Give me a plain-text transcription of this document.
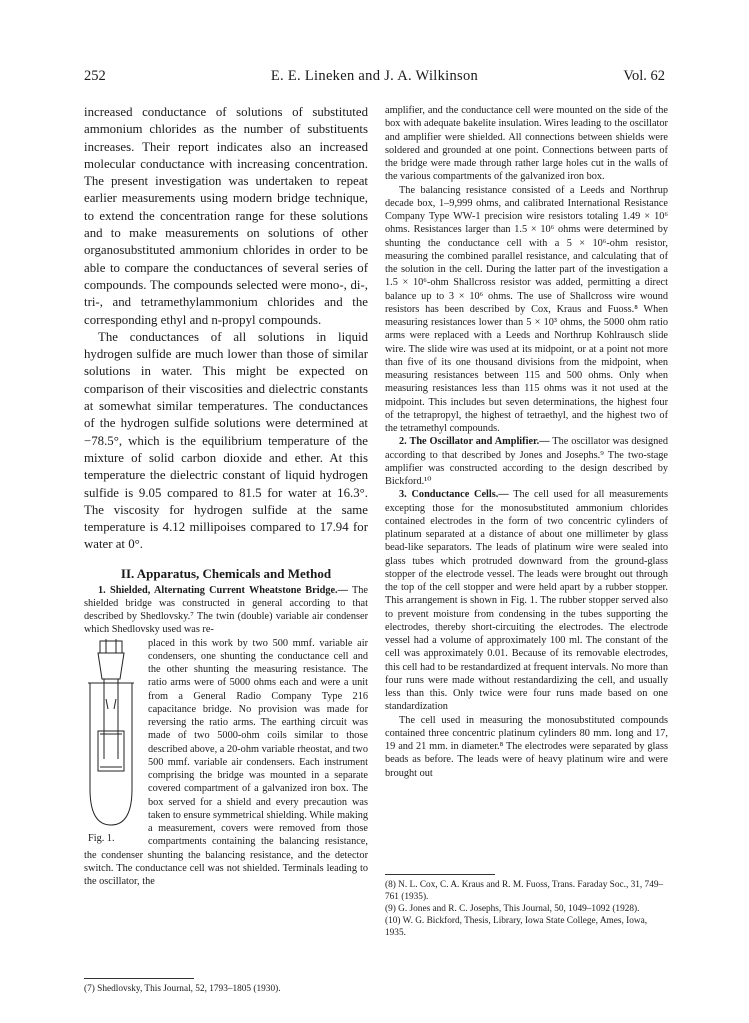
252	E. E. Lineken and J. A. Wilkinson	Vol. 62

increased conductance of solutions of substituted ammonium chlorides as the number of substituents increases. Their report indicates also an increased molecular conductance with increasing concentration. The present investigation was undertaken to repeat earlier measurements using modern bridge technique, to extend the concentration range for these solutions and to make measurements on solutions of other organosubstituted ammonium chlorides in order to be able to compare the conductances of several series of compounds. The compounds selected were mono-, di-, tri-, and tetramethylammonium chlorides and the corresponding ethyl and n-propyl compounds.

The conductances of all solutions in liquid hydrogen sulfide are much lower than those of similar solutions in water. This might be expected on comparison of their viscosities and dielectric constants at somewhat similar temperatures. The conductances of the hydrogen sulfide solutions were determined at −78.5°, which is the equilibrium temperature of the mixture of solid carbon dioxide and ether. At this temperature the dielectric constant of liquid hydrogen sulfide is 9.05 compared to 81.5 for water at 16.3°. The viscosity for hydrogen sulfide at the same temperature is 4.12 millipoises compared to 17.94 for water at 0°.

II. Apparatus, Chemicals and Method

1. Shielded, Alternating Current Wheatstone Bridge.— The shielded bridge was constructed in general according to that described by Shedlovsky.⁷ The twin (double) variable air condenser which Shedlovsky used was re-

Fig. 1.

placed in this work by two 500 mmf. variable air condensers, one shunting the conductance cell and the other shunting the measuring resistance. The ratio arms were of 5000 ohms each and were a unit from a General Radio Company Type 216 capacitance bridge. No provision was made for reversing the ratio arms. The earthing circuit was made of two 5000-ohm coils similar to those described above, a 20-ohm variable rheostat, and two 500 mmf. variable air condensers. Each instrument comprising the bridge was mounted in a separate covered compartment of a galvanized iron box. The box served for a shield and every precaution was taken to ensure symmetrical shielding. While making a measurement, covers were removed from those compartments containing the balancing resistance, the condenser shunting the balancing resistance, and the detector switch. The conductance cell was not shielded. Terminals leading to the oscillator, the

(7) Shedlovsky, This Journal, 52, 1793–1805 (1930).

amplifier, and the conductance cell were mounted on the side of the box with adequate bakelite insulation. Wires leading to the oscillator and amplifier were shielded. All connections between shields were soldered and grounded at one point. Connections between parts of the bridge were made through rather large holes cut in the walls of the various compartments of the galvanized iron box.

The balancing resistance consisted of a Leeds and Northrup decade box, 1–9,999 ohms, and calibrated International Resistance Company Type WW-1 precision wire resistors totaling 1.49 × 10⁶ ohms. Resistances larger than 1.5 × 10⁶ ohms were determined by shunting the conductance cell with a 5 × 10⁶-ohm resistor, measuring the combined parallel resistance, and calculating that of the solution in the cell. During the latter part of the investigation a 1.5 × 10⁶-ohm Shallcross resistor was added, permitting a direct balance up to 3 × 10⁶ ohms. The use of Shallcross wire wound resistors has been described by Cox, Kraus and Fuoss.⁸ When measuring resistances lower than 5 × 10³ ohms, the 5000 ohm ratio arms were replaced with a Leeds and Northrup Kohlrausch slide wire. The slide wire was used at its midpoint, or at a point not more than five of its one thousand divisions from the midpoint, when measuring resistances between 115 and 500 ohms. Only when measuring resistances less than 115 ohms was it not used at the midpoint. This includes but seven determinations, the highest four of the tetrapropyl, the highest of tetraethyl, and the highest two of the tetramethyl compounds.

2. The Oscillator and Amplifier.— The oscillator was designed according to that described by Jones and Josephs.⁹ The two-stage amplifier was constructed according to the design described by Bickford.¹⁰

3. Conductance Cells.— The cell used for all measurements excepting those for the monosubstituted ammonium chlorides contained electrodes in the form of two concentric cylinders of platinum separated at a distance of about one millimeter by glass bead-like separators. The leads of platinum wire were sealed into glass tubes which protruded downward from the ground-glass stopper of the electrode vessel. The leads were brought out through the top of the cell stopper and were held apart by a rubber stopper. This arrangement is shown in Fig. 1. The rubber stopper served also to prevent moisture from condensing in the tubes supporting the electrodes, thereby short-circuiting the electrodes. The electrode vessel had a volume of approximately 100 ml. The constant of the cell was approximately 0.01. Because of its removable electrodes, this cell had to be restandardized at frequent intervals. No more than four runs were made without restandardizing the cell, and usually less than this. Only twice were four runs made based on one standardization

The cell used in measuring the monosubstituted compounds contained three concentric platinum cylinders 80 mm. long and 17, 19 and 21 mm. in diameter.⁸ The electrodes were separated by glass beads as before. The leads were of heavy platinum wire and were brought out

(8) N. L. Cox, C. A. Kraus and R. M. Fuoss, Trans. Faraday Soc., 31, 749–761 (1935).

(9) G. Jones and R. C. Josephs, This Journal, 50, 1049–1092 (1928).

(10) W. G. Bickford, Thesis, Library, Iowa State College, Ames, Iowa, 1935.
